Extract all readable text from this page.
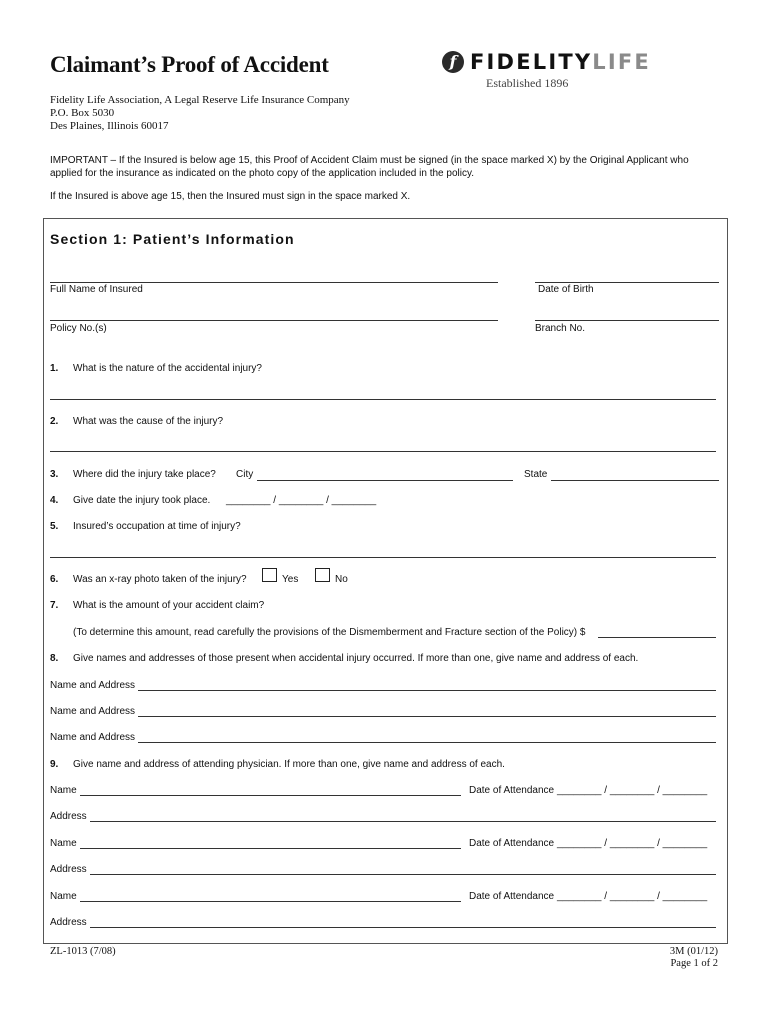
Claimant’s Proof of Accident
Fidelity Life Association, A Legal Reserve Life Insurance Company
P.O. Box 5030
Des Plaines, Illinois 60017
f FIDELITYLIFE
Established 1896
IMPORTANT – If the Insured is below age 15, this Proof of Accident Claim must be signed (in the space marked X) by the Original Applicant who applied for the insurance as indicated on the photo copy of the application included in the policy.
If the Insured is above age 15, then the Insured must sign in the space marked X.
Section 1: Patient’s Information
Full Name of Insured	Date of Birth
Policy No.(s)	Branch No.
1. What is the nature of the accidental injury?
2. What was the cause of the injury?
3. Where did the injury take place? City	State
4. Give date the injury took place. ________ / ________ / ________
5. Insured’s occupation at time of injury?
6. Was an x-ray photo taken of the injury?	Yes	No
7. What is the amount of your accident claim?
(To determine this amount, read carefully the provisions of the Dismemberment and Fracture section of the Policy) $
8. Give names and addresses of those present when accidental injury occurred. If more than one, give name and address of each.
Name and Address
Name and Address
Name and Address
9. Give name and address of attending physician. If more than one, give name and address of each.
Name	Date of Attendance ________ / ________ / ________
Address
Name	Date of Attendance ________ / ________ / ________
Address
Name	Date of Attendance ________ / ________ / ________
Address
ZL-1013 (7/08)	3M (01/12)
Page 1 of 2
